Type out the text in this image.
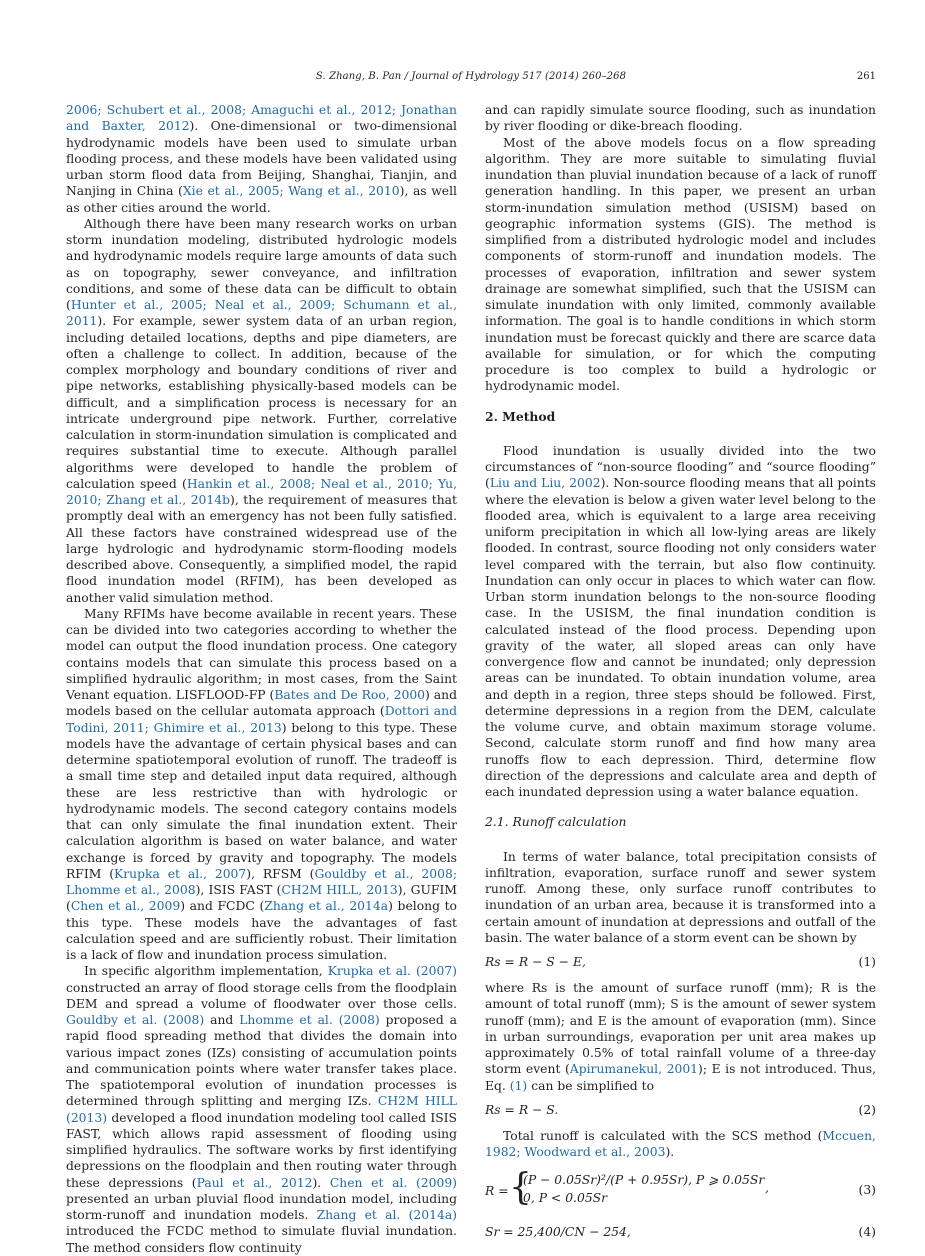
S. Zhang, B. Pan / Journal of Hydrology 517 (2014) 260–268	261

2006; Schubert et al., 2008; Amaguchi et al., 2012; Jonathan and Baxter, 2012). One-dimensional or two-dimensional hydrodynamic models have been used to simulate urban flooding process, and these models have been validated using urban storm flood data from Beijing, Shanghai, Tianjin, and Nanjing in China (Xie et al., 2005; Wang et al., 2010), as well as other cities around the world.

Although there have been many research works on urban storm inundation modeling, distributed hydrologic models and hydrodynamic models require large amounts of data such as on topography, sewer conveyance, and infiltration conditions, and some of these data can be difficult to obtain (Hunter et al., 2005; Neal et al., 2009; Schumann et al., 2011). For example, sewer system data of an urban region, including detailed locations, depths and pipe diameters, are often a challenge to collect. In addition, because of the complex morphology and boundary conditions of river and pipe networks, establishing physically-based models can be difficult, and a simplification process is necessary for an intricate underground pipe network. Further, correlative calculation in storm-inundation simulation is complicated and requires substantial time to execute. Although parallel algorithms were developed to handle the problem of calculation speed (Hankin et al., 2008; Neal et al., 2010; Yu, 2010; Zhang et al., 2014b), the requirement of measures that promptly deal with an emergency has not been fully satisfied. All these factors have constrained widespread use of the large hydrologic and hydrodynamic storm-flooding models described above. Consequently, a simplified model, the rapid flood inundation model (RFIM), has been developed as another valid simulation method.

Many RFIMs have become available in recent years. These can be divided into two categories according to whether the model can output the flood inundation process. One category contains models that can simulate this process based on a simplified hydraulic algorithm; in most cases, from the Saint Venant equation. LISFLOOD-FP (Bates and De Roo, 2000) and models based on the cellular automata approach (Dottori and Todini, 2011; Ghimire et al., 2013) belong to this type. These models have the advantage of certain physical bases and can determine spatiotemporal evolution of runoff. The tradeoff is a small time step and detailed input data required, although these are less restrictive than with hydrologic or hydrodynamic models. The second category contains models that can only simulate the final inundation extent. Their calculation algorithm is based on water balance, and water exchange is forced by gravity and topography. The models RFIM (Krupka et al., 2007), RFSM (Gouldby et al., 2008; Lhomme et al., 2008), ISIS FAST (CH2M HILL, 2013), GUFIM (Chen et al., 2009) and FCDC (Zhang et al., 2014a) belong to this type. These models have the advantages of fast calculation speed and are sufficiently robust. Their limitation is a lack of flow and inundation process simulation.

In specific algorithm implementation, Krupka et al. (2007) constructed an array of flood storage cells from the floodplain DEM and spread a volume of floodwater over those cells. Gouldby et al. (2008) and Lhomme et al. (2008) proposed a rapid flood spreading method that divides the domain into various impact zones (IZs) consisting of accumulation points and communication points where water transfer takes place. The spatiotemporal evolution of inundation processes is determined through splitting and merging IZs. CH2M HILL (2013) developed a flood inundation modeling tool called ISIS FAST, which allows rapid assessment of flooding using simplified hydraulics. The software works by first identifying depressions on the floodplain and then routing water through these depressions (Paul et al., 2012). Chen et al. (2009) presented an urban pluvial flood inundation model, including storm-runoff and inundation models. Zhang et al. (2014a) introduced the FCDC method to simulate fluvial inundation. The method considers flow continuity

and can rapidly simulate source flooding, such as inundation by river flooding or dike-breach flooding.

Most of the above models focus on a flow spreading algorithm. They are more suitable to simulating fluvial inundation than pluvial inundation because of a lack of runoff generation handling. In this paper, we present an urban storm-inundation simulation method (USISM) based on geographic information systems (GIS). The method is simplified from a distributed hydrologic model and includes components of storm-runoff and inundation models. The processes of evaporation, infiltration and sewer system drainage are somewhat simplified, such that the USISM can simulate inundation with only limited, commonly available information. The goal is to handle conditions in which storm inundation must be forecast quickly and there are scarce data available for simulation, or for which the computing procedure is too complex to build a hydrologic or hydrodynamic model.

2. Method

Flood inundation is usually divided into the two circumstances of “non-source flooding” and “source flooding” (Liu and Liu, 2002). Non-source flooding means that all points where the elevation is below a given water level belong to the flooded area, which is equivalent to a large area receiving uniform precipitation in which all low-lying areas are likely flooded. In contrast, source flooding not only considers water level compared with the terrain, but also flow continuity. Inundation can only occur in places to which water can flow. Urban storm inundation belongs to the non-source flooding case. In the USISM, the final inundation condition is calculated instead of the flood process. Depending upon gravity of the water, all sloped areas can only have convergence flow and cannot be inundated; only depression areas can be inundated. To obtain inundation volume, area and depth in a region, three steps should be followed. First, determine depressions in a region from the DEM, calculate the volume curve, and obtain maximum storage volume. Second, calculate storm runoff and find how many area runoffs flow to each depression. Third, determine flow direction of the depressions and calculate area and depth of each inundated depression using a water balance equation.

2.1. Runoff calculation

In terms of water balance, total precipitation consists of infiltration, evaporation, surface runoff and sewer system runoff. Among these, only surface runoff contributes to inundation of an urban area, because it is transformed into a certain amount of inundation at depressions and outfall of the basin. The water balance of a storm event can be shown by

Rs = R − S − E,	(1)

where Rs is the amount of surface runoff (mm); R is the amount of total runoff (mm); S is the amount of sewer system runoff (mm); and E is the amount of evaporation (mm). Since in urban surroundings, evaporation per unit area makes up approximately 0.5% of total rainfall volume of a three-day storm event (Apirumanekul, 2001); E is not introduced. Thus, Eq. (1) can be simplified to

Rs = R − S.	(2)

Total runoff is calculated with the SCS method (Mccuen, 1982; Woodward et al., 2003).

R = {
(P − 0.05Sr)²/(P + 0.95Sr), P ⩾ 0.05Sr
0, P < 0.05Sr
,	(3)
Sr = 25,400/CN − 254,	(4)
